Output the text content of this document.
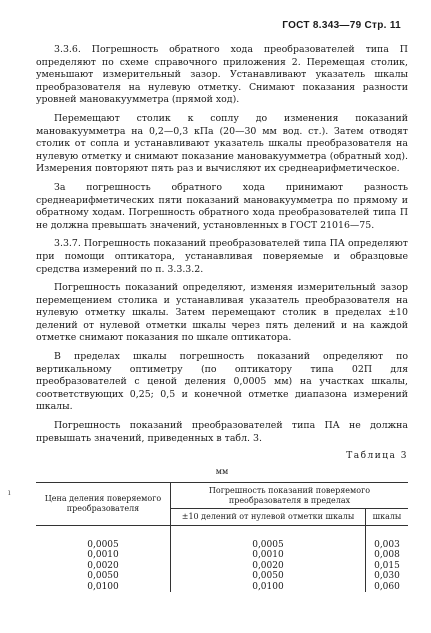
ГОСТ 8.343—79 Стр. 11
ı

3.3.6. Погрешность обратного хода преобразователей типа П определяют по схеме справочного приложения 2. Перемещая столик, уменьшают измерительный зазор. Устанавливают указатель шкалы преобразователя на нулевую отметку. Снимают показания разности уровней мановакуумметра (прямой ход).

Перемещают столик к соплу до изменения показаний мановакуумметра на 0,2—0,3 кПа (20—30 мм вод. ст.). Затем отводят столик от сопла и устанавливают указатель шкалы преобразователя на нулевую отметку и снимают показание мановакуумметра (обратный ход). Измерения повторяют пять раз и вычисляют их среднеарифметическое.

За погрешность обратного хода принимают разность среднеарифметических пяти показаний мановакуумметра по прямому и обратному ходам. Погрешность обратного хода преобразователей типа П не должна превышать значений, установленных в ГОСТ 21016—75.

3.3.7. Погрешность показаний преобразователей типа ПА определяют при помощи оптикатора, устанавливая поверяемые и образцовые средства измерений по п. 3.3.3.2.

Погрешность показаний определяют, изменяя измерительный зазор перемещением столика и устанавливая указатель преобразователя на нулевую отметку шкалы. Затем перемещают столик в пределах ±10 делений от нулевой отметки шкалы через пять делений и на каждой отметке снимают показания по шкале оптикатора.

В пределах шкалы погрешность показаний определяют по вертикальному оптиметру (по оптикатору типа 02П для преобразователей с ценой деления 0,0005 мм) на участках шкалы, соответствующих 0,25; 0,5 и конечной отметке диапазона измерений шкалы.

Погрешность показаний преобразователей типа ПА не должна превышать значений, приведенных в табл. 3.

Таблица 3
мм
Цена деления поверяемого преобразователя	Погрешность показаний поверяемого преобразователя в пределах	
	±10 делений от нулевой отметки шкалы	шкалы

0,0005	0,0005	0,003
0,0010	0,0010	0,008
0,0020	0,0020	0,015
0,0050	0,0050	0,030
0,0100	0,0100	0,060
